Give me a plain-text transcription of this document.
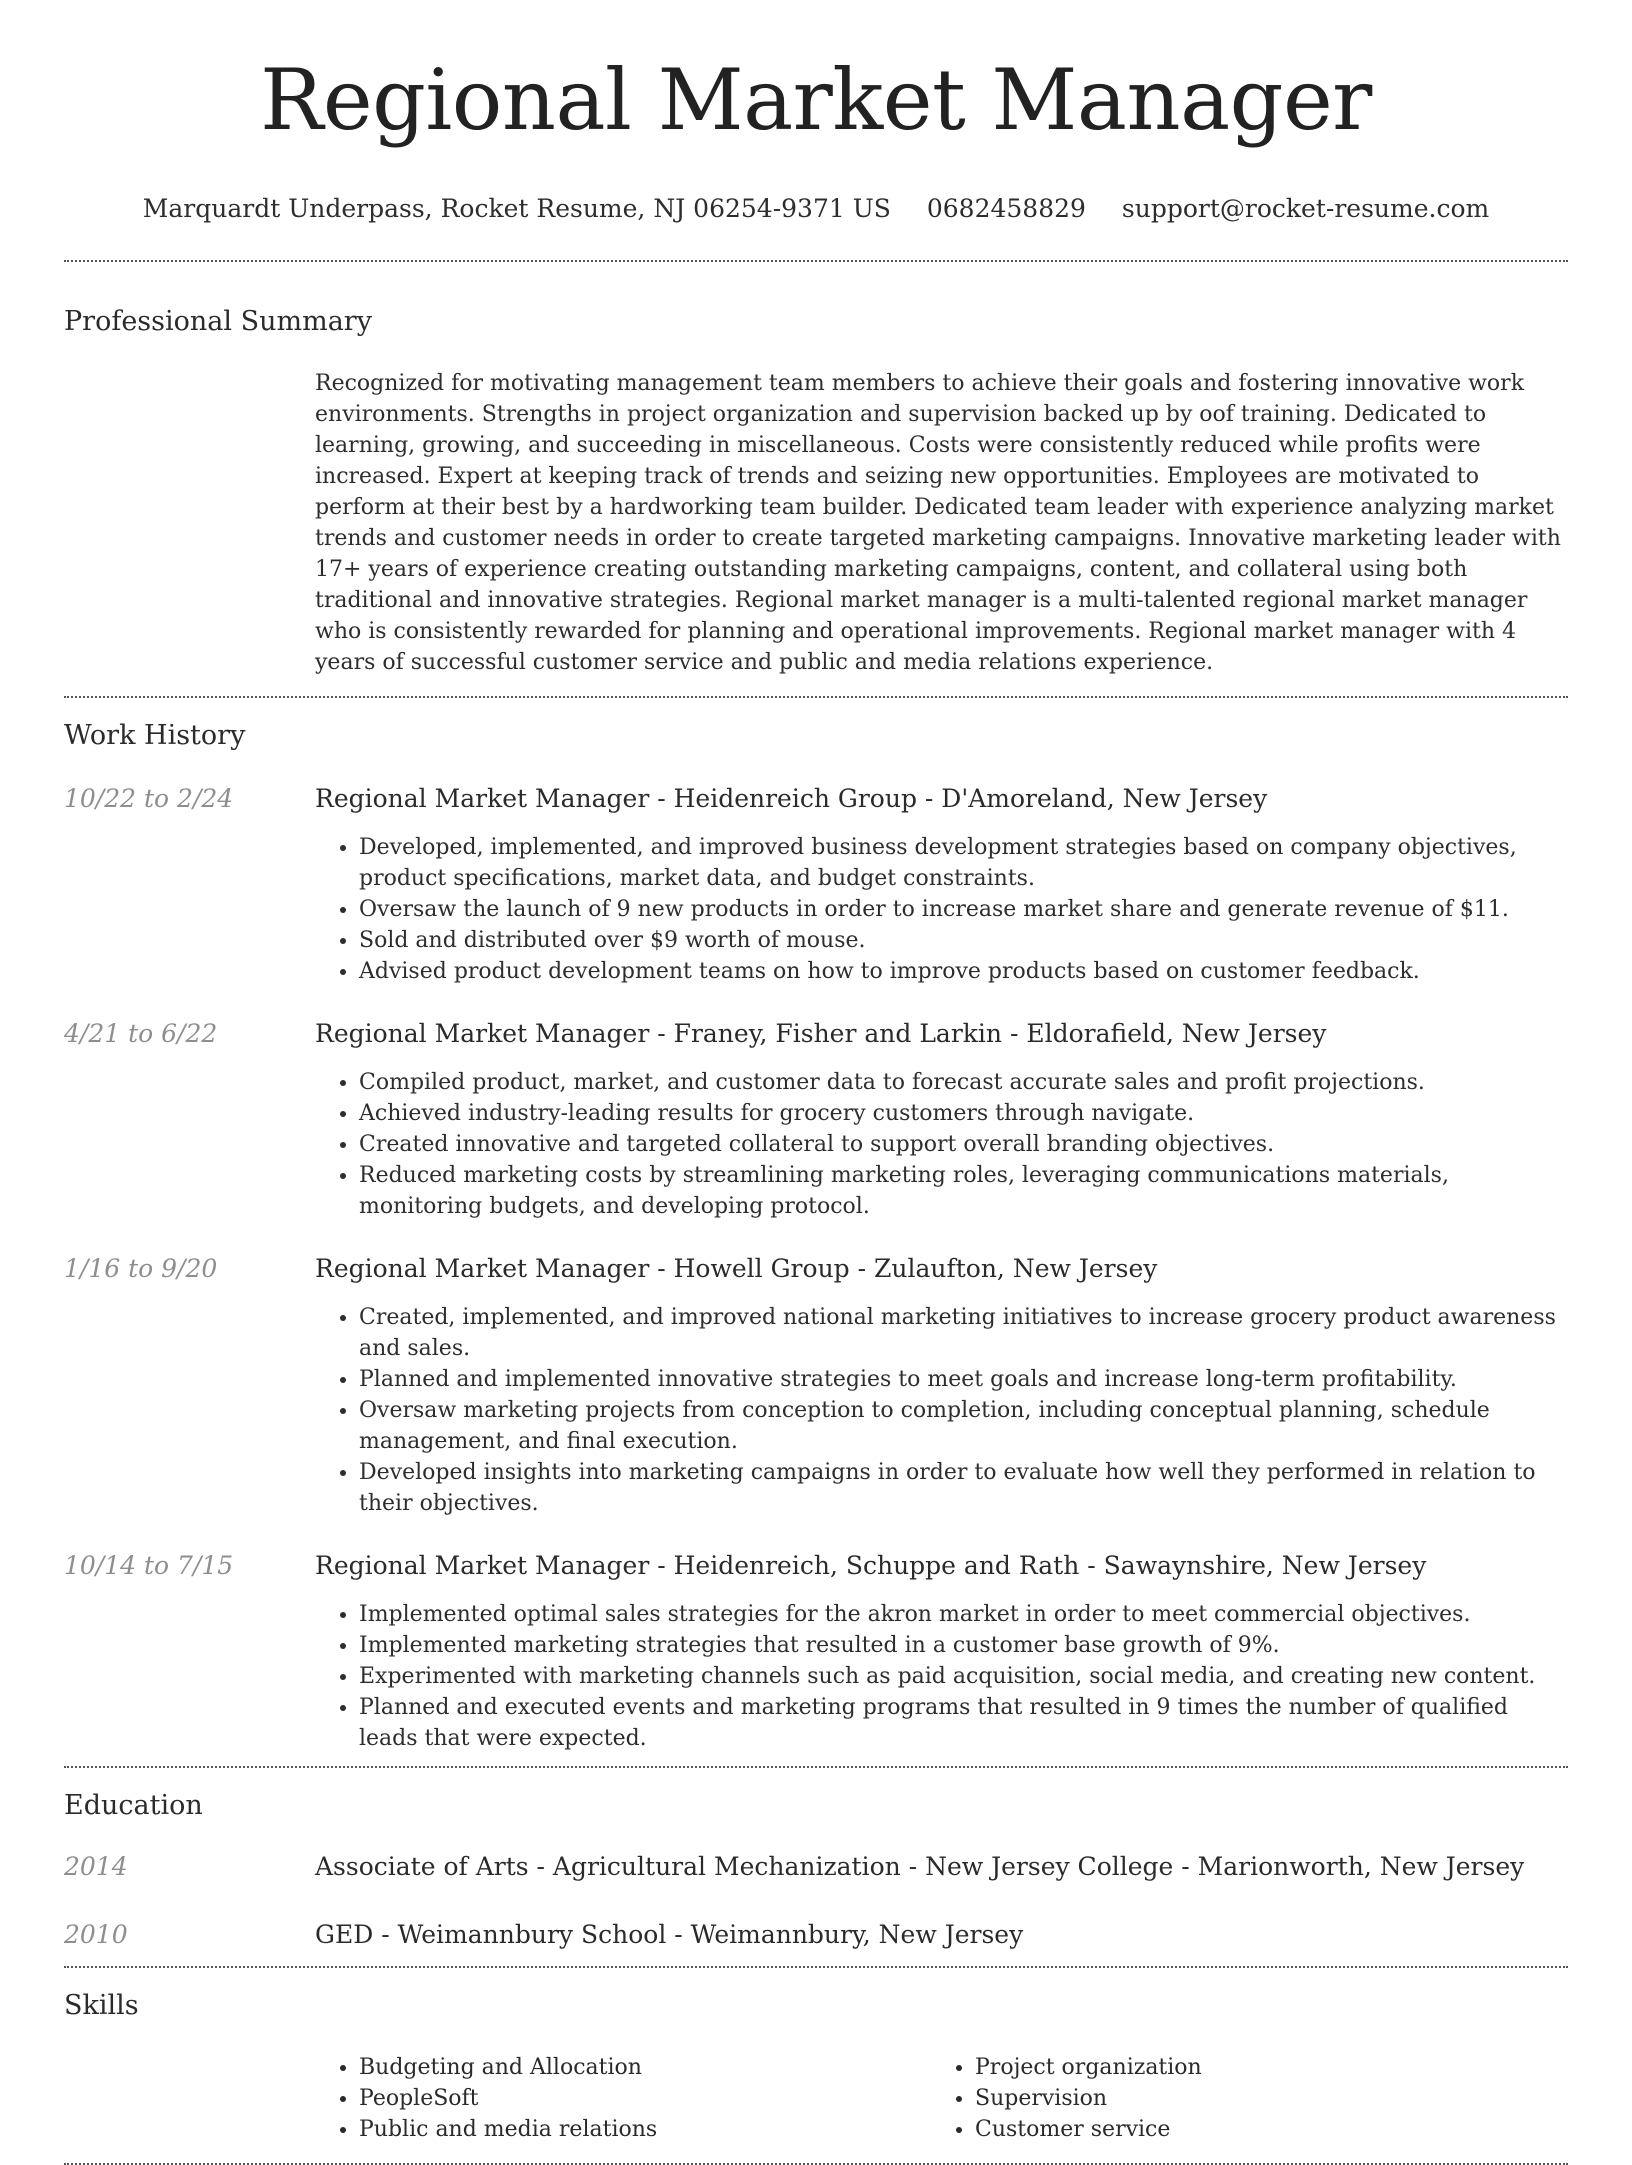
Regional Market Manager
Marquardt Underpass, Rocket Resume, NJ 06254-9371 US 0682458829 support@rocket-resume.com
Professional Summary
Recognized for motivating management team members to achieve their goals and fostering innovative work environments. Strengths in project organization and supervision backed up by oof training. Dedicated to learning, growing, and succeeding in miscellaneous. Costs were consistently reduced while profits were increased. Expert at keeping track of trends and seizing new opportunities. Employees are motivated to perform at their best by a hardworking team builder. Dedicated team leader with experience analyzing market trends and customer needs in order to create targeted marketing campaigns. Innovative marketing leader with 17+ years of experience creating outstanding marketing campaigns, content, and collateral using both traditional and innovative strategies. Regional market manager is a multi-talented regional market manager who is consistently rewarded for planning and operational improvements. Regional market manager with 4 years of successful customer service and public and media relations experience.
Work History
10/22 to 2/24	Regional Market Manager - Heidenreich Group - D'Amoreland, New Jersey
• Developed, implemented, and improved business development strategies based on company objectives, product specifications, market data, and budget constraints.
• Oversaw the launch of 9 new products in order to increase market share and generate revenue of $11.
• Sold and distributed over $9 worth of mouse.
• Advised product development teams on how to improve products based on customer feedback.
4/21 to 6/22	Regional Market Manager - Franey, Fisher and Larkin - Eldorafield, New Jersey
• Compiled product, market, and customer data to forecast accurate sales and profit projections.
• Achieved industry-leading results for grocery customers through navigate.
• Created innovative and targeted collateral to support overall branding objectives.
• Reduced marketing costs by streamlining marketing roles, leveraging communications materials, monitoring budgets, and developing protocol.
1/16 to 9/20	Regional Market Manager - Howell Group - Zulaufton, New Jersey
• Created, implemented, and improved national marketing initiatives to increase grocery product awareness and sales.
• Planned and implemented innovative strategies to meet goals and increase long-term profitability.
• Oversaw marketing projects from conception to completion, including conceptual planning, schedule management, and final execution.
• Developed insights into marketing campaigns in order to evaluate how well they performed in relation to their objectives.
10/14 to 7/15	Regional Market Manager - Heidenreich, Schuppe and Rath - Sawaynshire, New Jersey
• Implemented optimal sales strategies for the akron market in order to meet commercial objectives.
• Implemented marketing strategies that resulted in a customer base growth of 9%.
• Experimented with marketing channels such as paid acquisition, social media, and creating new content.
• Planned and executed events and marketing programs that resulted in 9 times the number of qualified leads that were expected.
Education
2014	Associate of Arts - Agricultural Mechanization - New Jersey College - Marionworth, New Jersey
2010	GED - Weimannbury School - Weimannbury, New Jersey
Skills
• Budgeting and Allocation
• PeopleSoft
• Public and media relations
• Project organization
• Supervision
• Customer service
